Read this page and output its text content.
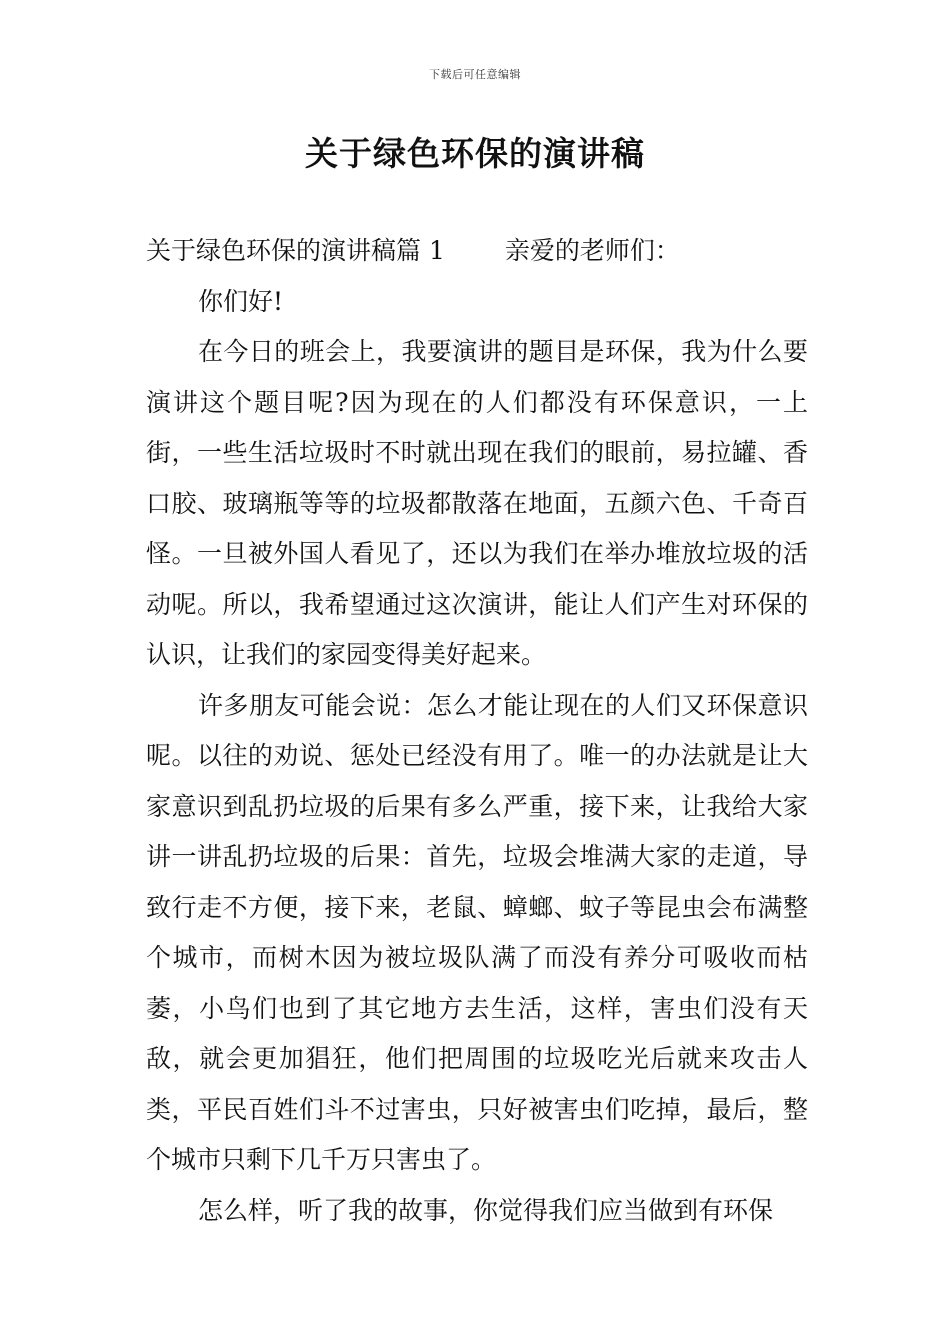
下载后可任意编辑
关于绿色环保的演讲稿

关于绿色环保的演讲稿篇 1 亲爱的老师们：

你们好!

在今日的班会上，我要演讲的题目是环保，我为什么要演讲这个题目呢?因为现在的人们都没有环保意识，一上街，一些生活垃圾时不时就出现在我们的眼前，易拉罐、香口胶、玻璃瓶等等的垃圾都散落在地面，五颜六色、千奇百怪。一旦被外国人看见了，还以为我们在举办堆放垃圾的活动呢。所以，我希望通过这次演讲，能让人们产生对环保的认识，让我们的家园变得美好起来。

许多朋友可能会说：怎么才能让现在的人们又环保意识呢。以往的劝说、惩处已经没有用了。唯一的办法就是让大家意识到乱扔垃圾的后果有多么严重，接下来，让我给大家讲一讲乱扔垃圾的后果：首先，垃圾会堆满大家的走道，导致行走不方便，接下来，老鼠、蟑螂、蚊子等昆虫会布满整个城市，而树木因为被垃圾队满了而没有养分可吸收而枯萎，小鸟们也到了其它地方去生活，这样，害虫们没有天敌，就会更加猖狂，他们把周围的垃圾吃光后就来攻击人类，平民百姓们斗不过害虫，只好被害虫们吃掉，最后，整个城市只剩下几千万只害虫了。

怎么样，听了我的故事，你觉得我们应当做到有环保
